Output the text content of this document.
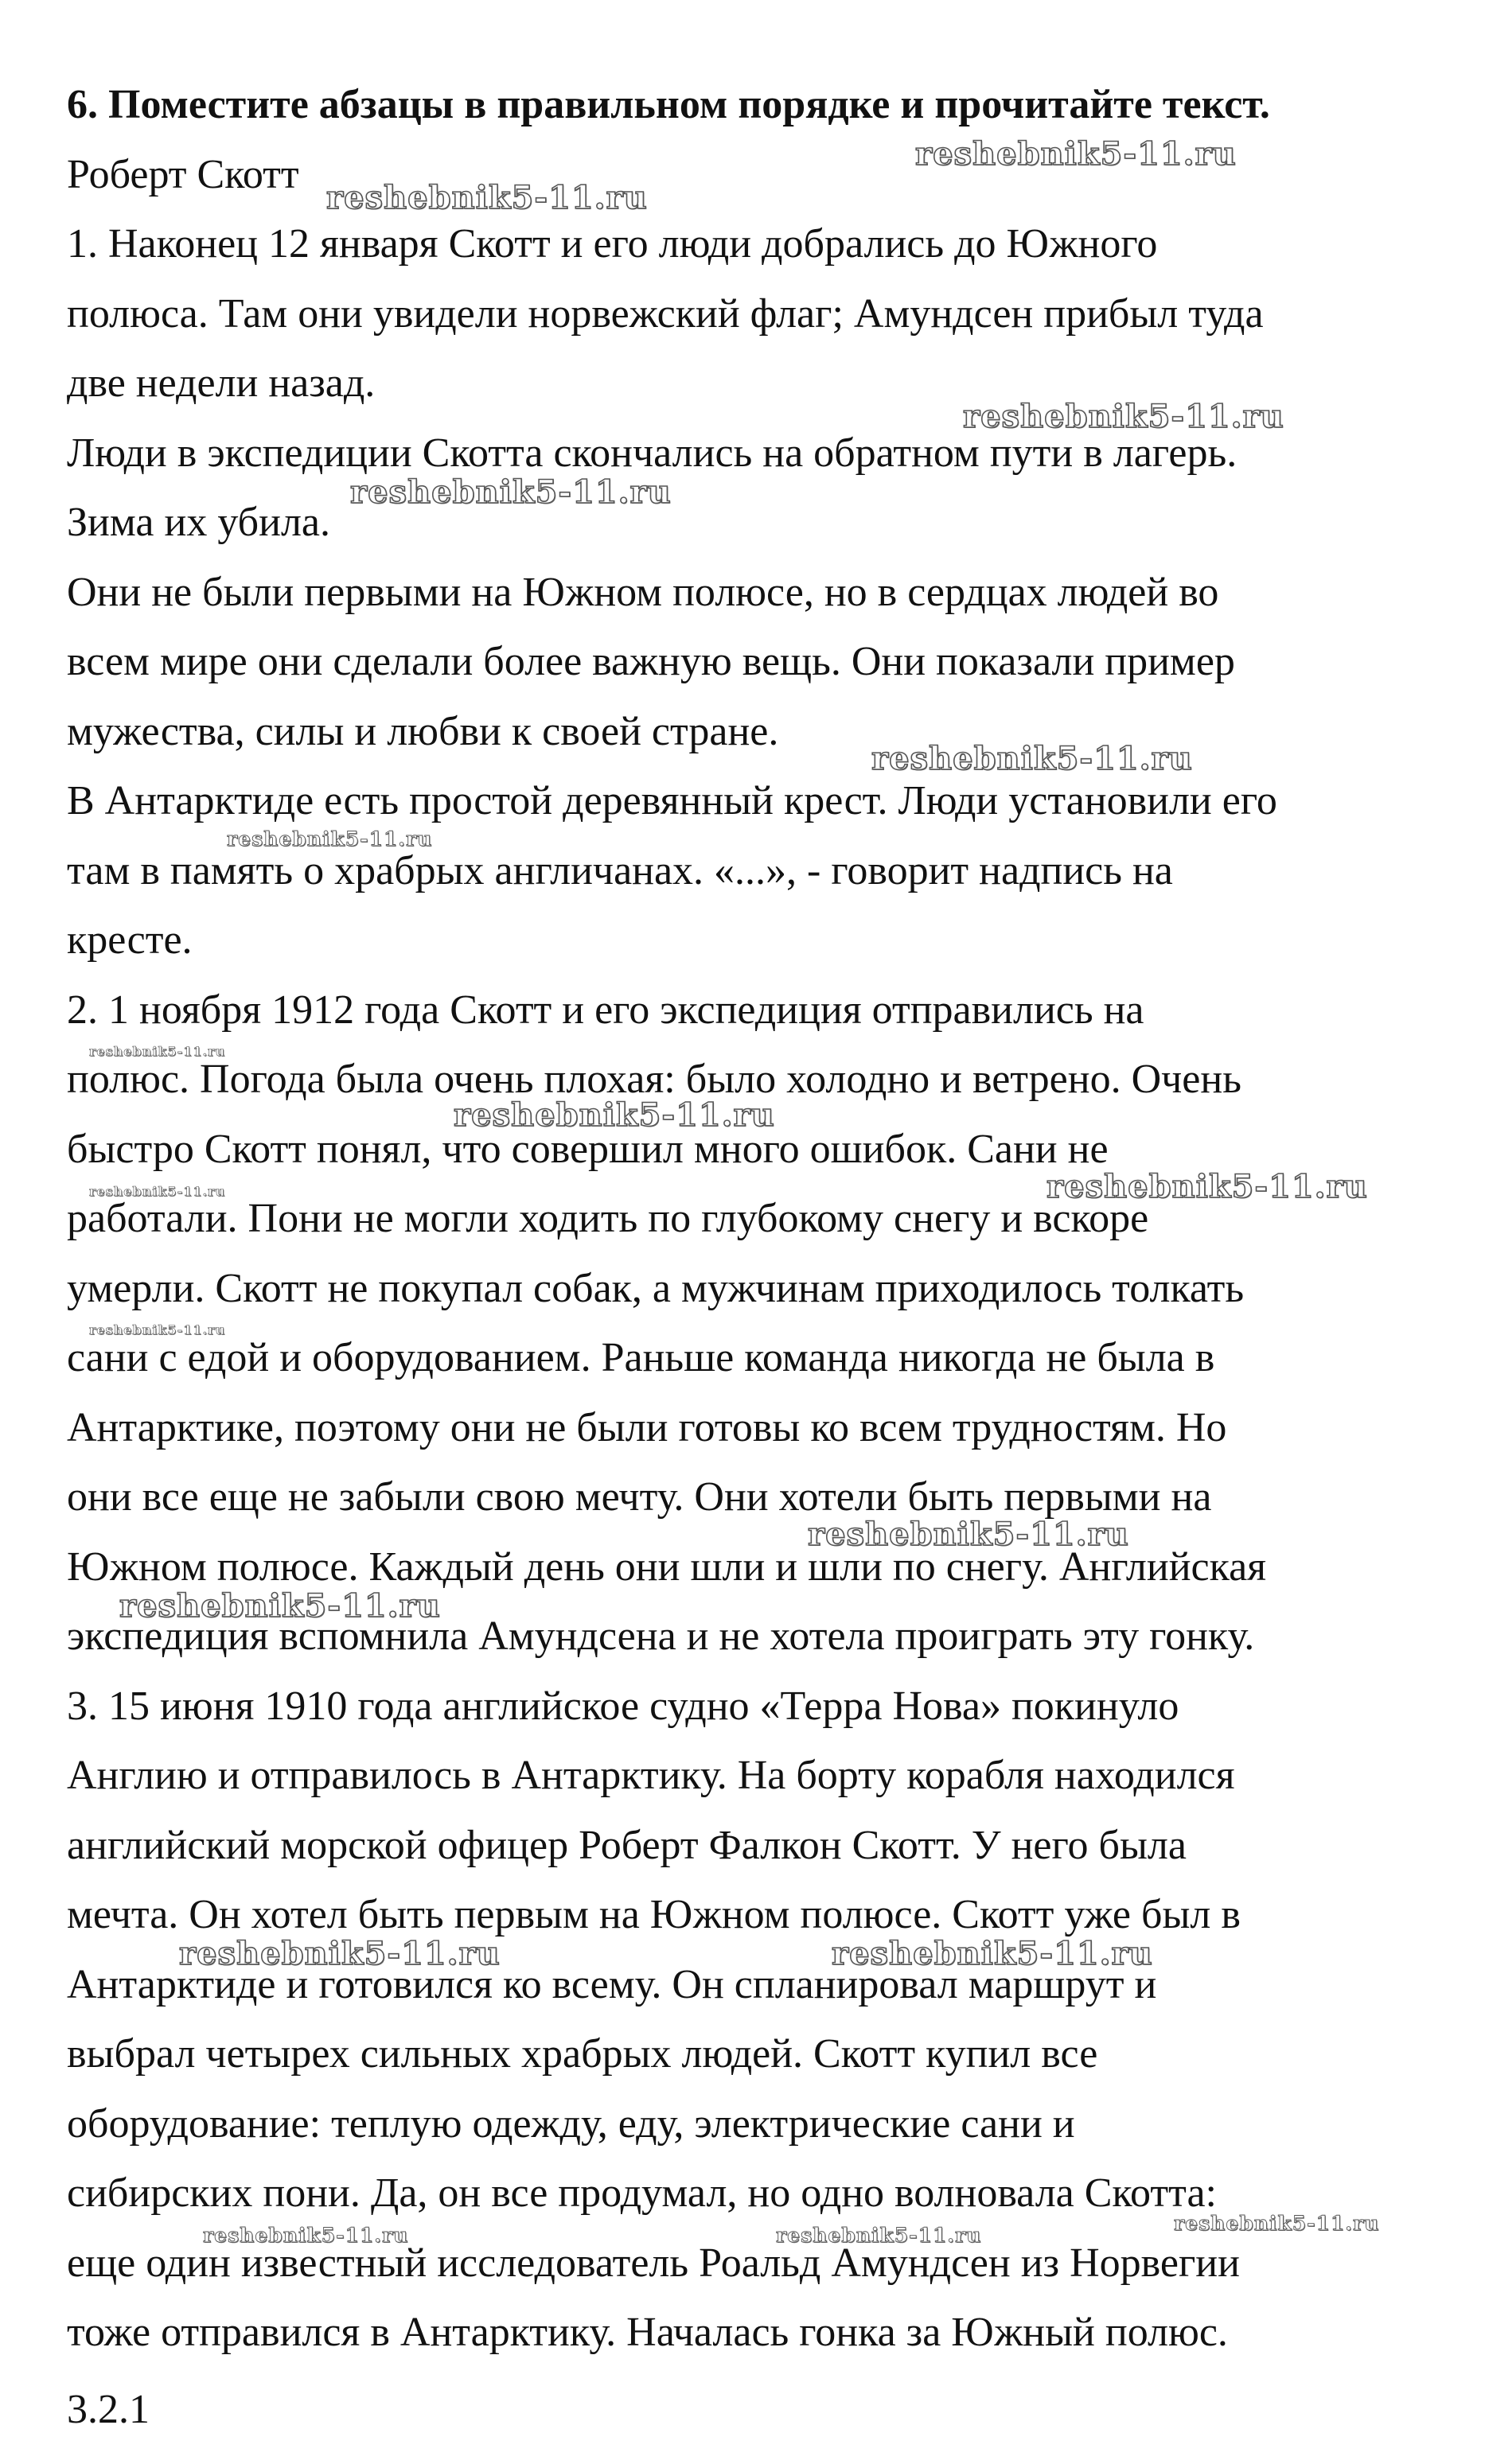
6. Поместите абзацы в правильном порядке и прочитайте текст.

Роберт Скотт

1. Наконец 12 января Скотт и его люди добрались до Южного

полюса. Там они увидели норвежский флаг; Амундсен прибыл туда

две недели назад.

Люди в экспедиции Скотта скончались на обратном пути в лагерь.

Зима их убила.

Они не были первыми на Южном полюсе, но в сердцах людей во

всем мире они сделали более важную вещь. Они показали пример

мужества, силы и любви к своей стране.

В Антарктиде есть простой деревянный крест. Люди установили его

там в память о храбрых англичанах. «...», - говорит надпись на

кресте.

2. 1 ноября 1912 года Скотт и его экспедиция отправились на

полюс. Погода была очень плохая: было холодно и ветрено. Очень

быстро Скотт понял, что совершил много ошибок. Сани не

работали. Пони не могли ходить по глубокому снегу и вскоре

умерли. Скотт не покупал собак, а мужчинам приходилось толкать

сани с едой и оборудованием. Раньше команда никогда не была в

Антарктике, поэтому они не были готовы ко всем трудностям. Но

они все еще не забыли свою мечту. Они хотели быть первыми на

Южном полюсе. Каждый день они шли и шли по снегу. Английская

экспедиция вспомнила Амундсена и не хотела проиграть эту гонку.

3. 15 июня 1910 года английское судно «Терра Нова» покинуло

Англию и отправилось в Антарктику. На борту корабля находился

английский морской офицер Роберт Фалкон Скотт. У него была

мечта. Он хотел быть первым на Южном полюсе. Скотт уже был в

Антарктиде и готовился ко всему. Он спланировал маршрут и

выбрал четырех сильных храбрых людей. Скотт купил все

оборудование: теплую одежду, еду, электрические сани и

сибирских пони. Да, он все продумал, но одно волновала Скотта:

еще один известный исследователь Роальд Амундсен из Норвегии

тоже отправился в Антарктику. Началась гонка за Южный полюс.

3.2.1
reshebnik5-11.ru
reshebnik5-11.ru
reshebnik5-11.ru
reshebnik5-11.ru
reshebnik5-11.ru
reshebnik5-11.ru
reshebnik5-11.ru
reshebnik5-11.ru
reshebnik5-11.ru	reshebnik5-11.ru
reshebnik5-11.ru
reshebnik5-11.ru
reshebnik5-11.ru
reshebnik5-11.ru	reshebnik5-11.ru
reshebnik5-11.ru	reshebnik5-11.ru
reshebnik5-11.ru
